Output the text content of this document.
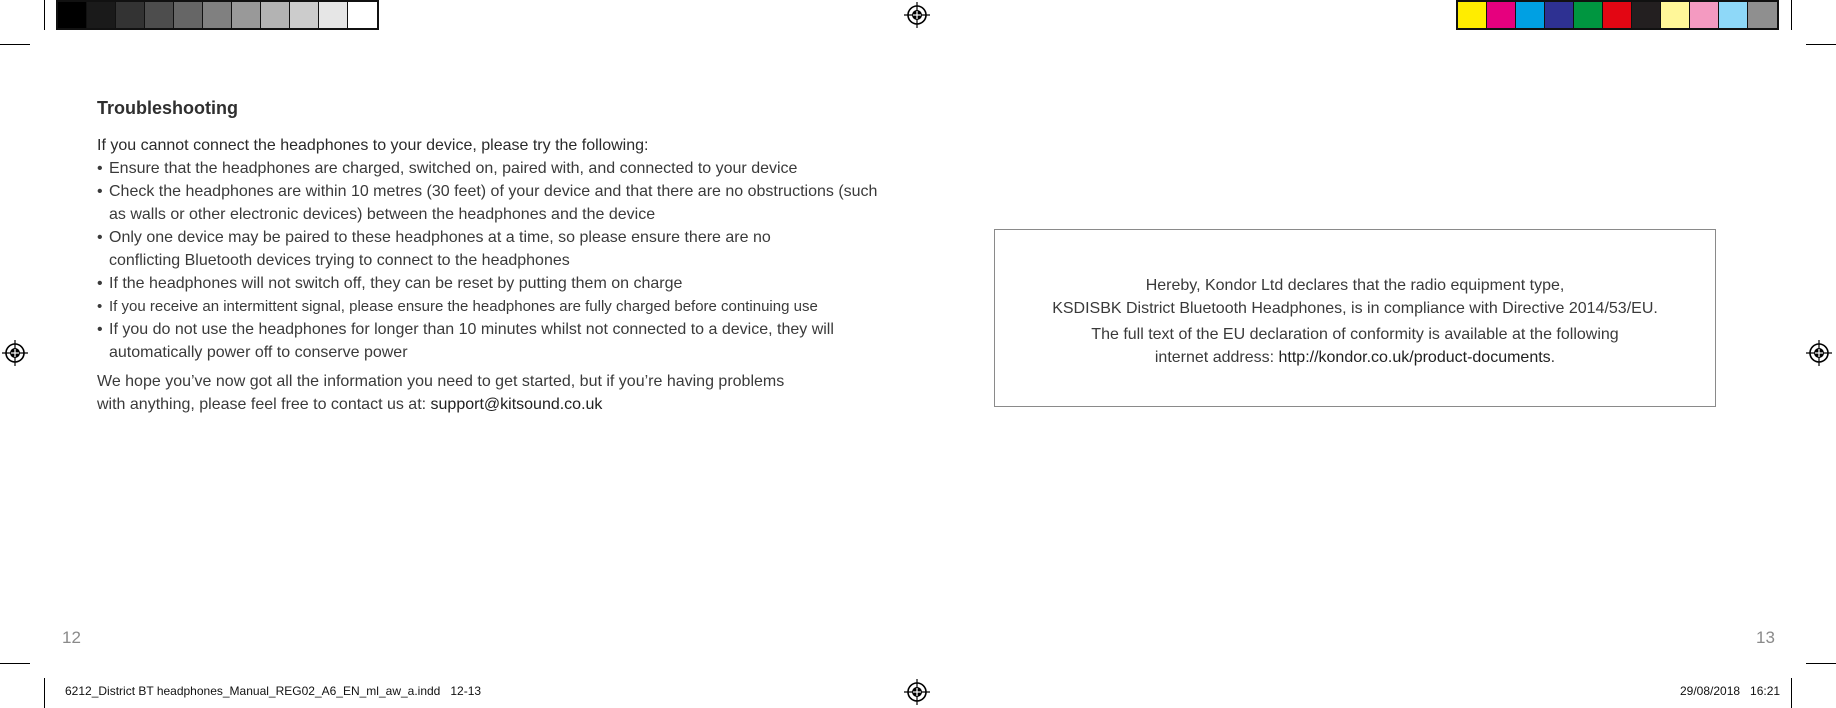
Troubleshooting

If you cannot connect the headphones to your device, please try the following:

• Ensure that the headphones are charged, switched on, paired with, and connected to your device
• Check the headphones are within 10 metres (30 feet) of your device and that there are no obstructions (such as walls or other electronic devices) between the headphones and the device
• Only one device may be paired to these headphones at a time, so please ensure there are no conflicting Bluetooth devices trying to connect to the headphones
• If the headphones will not switch off, they can be reset by putting them on charge
• If you receive an intermittent signal, please ensure the headphones are fully charged before continuing use
• If you do not use the headphones for longer than 10 minutes whilst not connected to a device, they will automatically power off to conserve power

We hope you’ve now got all the information you need to get started, but if you’re having problems
with anything, please feel free to contact us at: support@kitsound.co.uk

12

Hereby, Kondor Ltd declares that the radio equipment type,

KSDISBK District Bluetooth Headphones, is in compliance with Directive 2014/53/EU.

The full text of the EU declaration of conformity is available at the following

internet address: http://kondor.co.uk/product-documents.

13
6212_District BT headphones_Manual_REG02_A6_EN_ml_aw_a.indd   12-13	29/08/2018   16:21
